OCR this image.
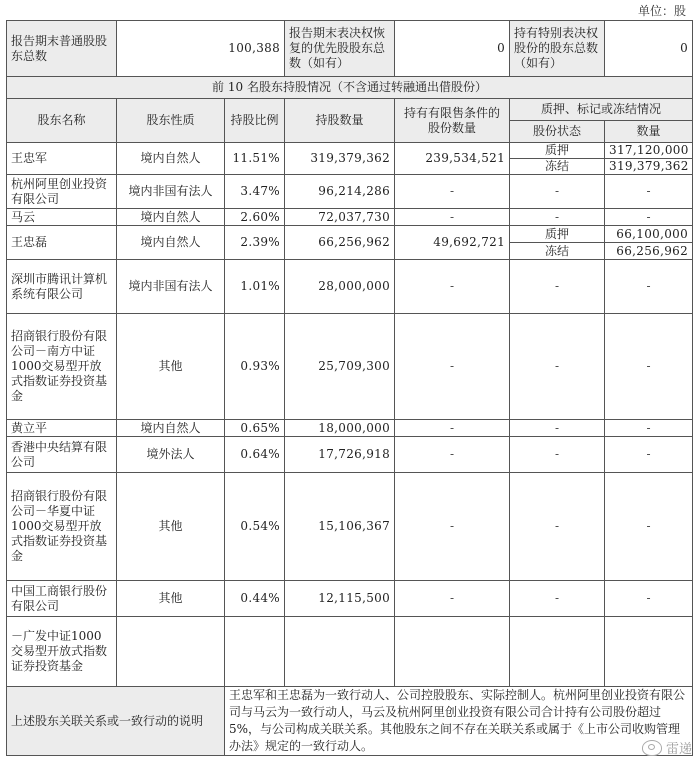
单位：股
报告期末普通股股东总数	100,388		报告期末表决权恢复的优先股股东总数（如有）	0	持有特别表决权股份的股东总数（如有）	0
前 10 名股东持股情况（不含通过转融通出借股份）						
股东名称	股东性质	持股比例	持股数量	持有有限售条件的股份数量	质押、标记或冻结情况	
					股份状态	数量
王忠军	境内自然人	11.51%	319,379,362	239,534,521	质押	317,120,000
					冻结	319,379,362
杭州阿里创业投资有限公司	境内非国有法人	3.47%	96,214,286	-	-	-
马云	境内自然人	2.60%	72,037,730	-	-	-
王忠磊	境内自然人	2.39%	66,256,962	49,692,721	质押	66,100,000
					冻结	66,256,962
深圳市腾讯计算机系统有限公司	境内非国有法人	1.01%	28,000,000	-	-	-
招商银行股份有限公司－南方中证1000交易型开放式指数证券投资基金	其他	0.93%	25,709,300	-	-	-
黄立平	境内自然人	0.65%	18,000,000	-	-	-
香港中央结算有限公司	境外法人	0.64%	17,726,918	-	-	-
招商银行股份有限公司－华夏中证1000交易型开放式指数证券投资基金	其他	0.54%	15,106,367	-	-	-
中国工商银行股份有限公司	其他	0.44%	12,115,500	-	-	-
－广发中证1000交易型开放式指数证券投资基金						
上述股东关联关系或一致行动的说明		王忠军和王忠磊为一致行动人、公司控股股东、实际控制人。杭州阿里创业投资有限公司与马云为一致行动人，马云及杭州阿里创业投资有限公司合计持有公司股份超过5%，与公司构成关联关系。其他股东之间不存在关联关系或属于《上市公司收购管理办法》规定的一致行动人。					雷递
